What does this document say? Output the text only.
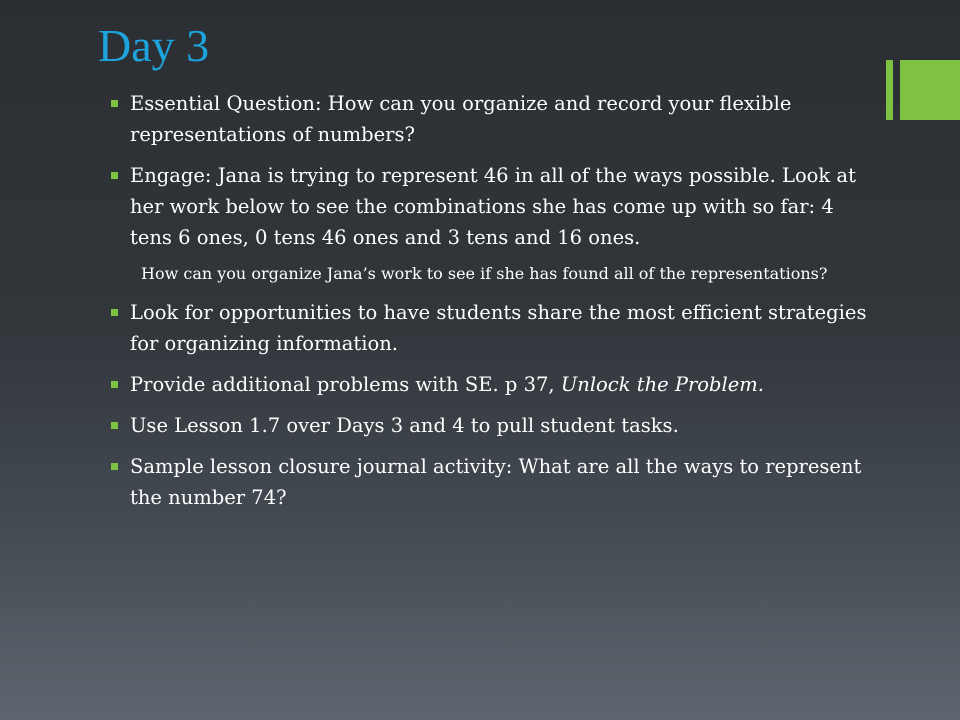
Day 3
Essential Question: How can you organize and record your flexible representations of numbers?
Engage: Jana is trying to represent 46 in all of the ways possible. Look at her work below to see the combinations she has come up with so far: 4 tens 6 ones, 0 tens 46 ones and 3 tens and 16 ones.
How can you organize Jana’s work to see if she has found all of the representations?
Look for opportunities to have students share the most efficient strategies for organizing information.
Provide additional problems with SE. p 37, Unlock the Problem.
Use Lesson 1.7 over Days 3 and 4 to pull student tasks.
Sample lesson closure journal activity: What are all the ways to represent the number 74?
